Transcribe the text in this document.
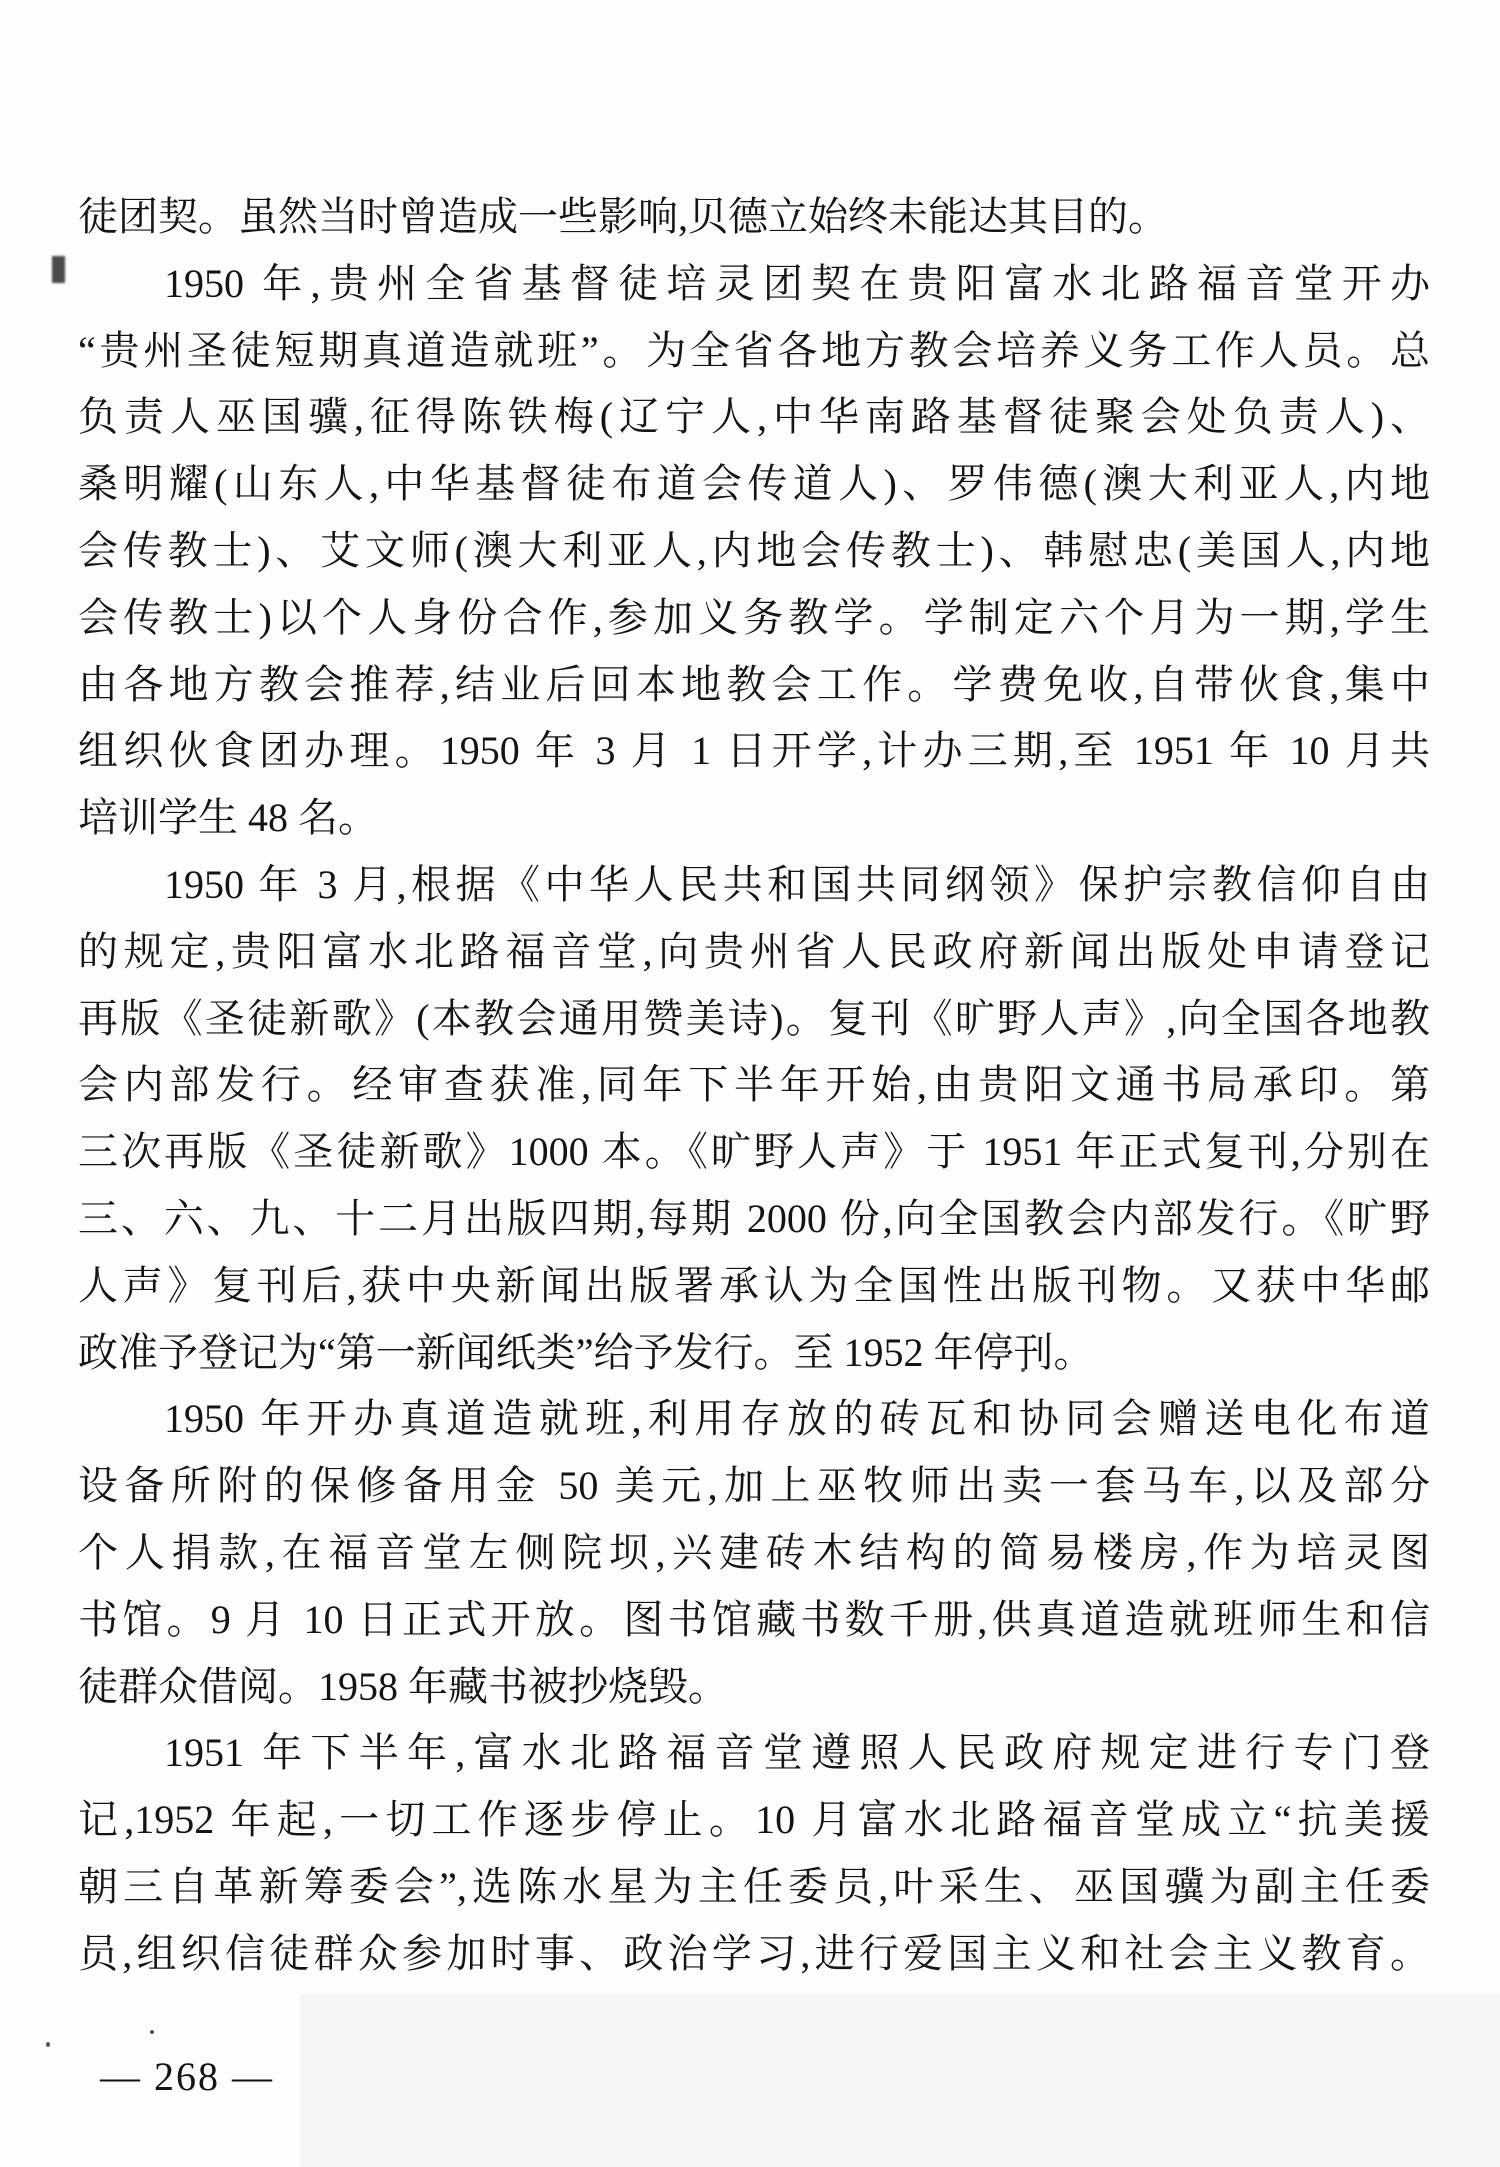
徒团契。虽然当时曾造成一些影响,贝德立始终未能达其目的。
1950 年,贵州全省基督徒培灵团契在贵阳富水北路福音堂开办
“贵州圣徒短期真道造就班”。为全省各地方教会培养义务工作人员。总
负责人巫国骥,征得陈铁梅(辽宁人,中华南路基督徒聚会处负责人)、
桑明耀(山东人,中华基督徒布道会传道人)、罗伟德(澳大利亚人,内地
会传教士)、艾文师(澳大利亚人,内地会传教士)、韩慰忠(美国人,内地
会传教士)以个人身份合作,参加义务教学。学制定六个月为一期,学生
由各地方教会推荐,结业后回本地教会工作。学费免收,自带伙食,集中
组织伙食团办理。1950 年 3 月 1 日开学,计办三期,至 1951 年 10 月共
培训学生 48 名。
1950 年 3 月,根据《中华人民共和国共同纲领》保护宗教信仰自由
的规定,贵阳富水北路福音堂,向贵州省人民政府新闻出版处申请登记
再版《圣徒新歌》(本教会通用赞美诗)。复刊《旷野人声》,向全国各地教
会内部发行。经审查获准,同年下半年开始,由贵阳文通书局承印。第
三次再版《圣徒新歌》1000 本。《旷野人声》于 1951 年正式复刊,分别在
三、六、九、十二月出版四期,每期 2000 份,向全国教会内部发行。《旷野
人声》复刊后,获中央新闻出版署承认为全国性出版刊物。又获中华邮
政准予登记为“第一新闻纸类”给予发行。至 1952 年停刊。
1950 年开办真道造就班,利用存放的砖瓦和协同会赠送电化布道
设备所附的保修备用金 50 美元,加上巫牧师出卖一套马车,以及部分
个人捐款,在福音堂左侧院坝,兴建砖木结构的简易楼房,作为培灵图
书馆。9 月 10 日正式开放。图书馆藏书数千册,供真道造就班师生和信
徒群众借阅。1958 年藏书被抄烧毁。
1951 年下半年,富水北路福音堂遵照人民政府规定进行专门登
记,1952 年起,一切工作逐步停止。10 月富水北路福音堂成立“抗美援
朝三自革新筹委会”,选陈水星为主任委员,叶采生、巫国骥为副主任委
员,组织信徒群众参加时事、政治学习,进行爱国主义和社会主义教育。
— 268 —
